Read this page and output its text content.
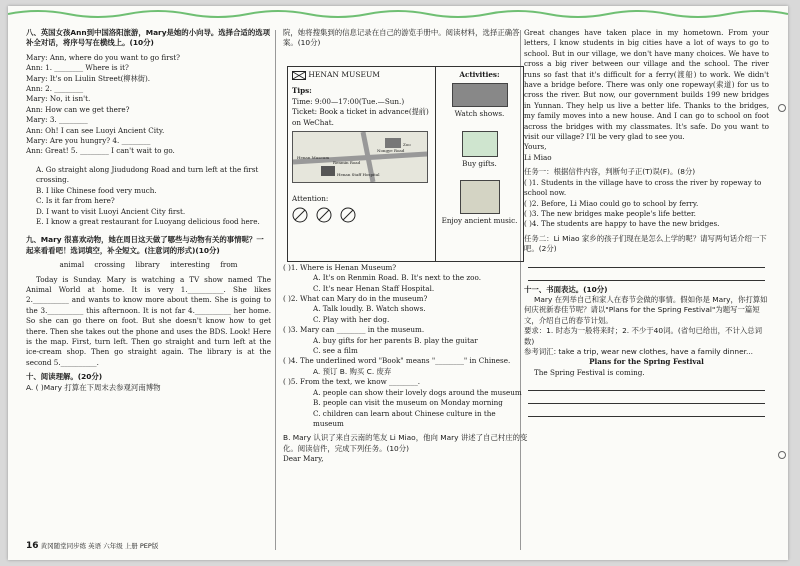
八、英国女孩Ann到中国洛阳旅游，Mary是她的小向导。选择合适的选项补全对话，将序号写在横线上。(10分)

Mary: Ann, where do you want to go first?

Ann: 1. ________ Where is it?

Mary: It's on Liulin Street(柳林街).

Ann: 2. ________

Mary: No, it isn't.

Ann: How can we get there?

Mary: 3. ________

Ann: Oh! I can see Luoyi Ancient City.

Mary: Are you hungry? 4. ________

Ann: Great! 5. ________ I can't wait to go.

A. Go straight along Jiududong Road and turn left at the first crossing.

B. I like Chinese food very much.

C. Is it far from here?

D. I want to visit Luoyi Ancient City first.

E. I know a great restaurant for Luoyang delicious food here.

九、Mary 很喜欢动物，她在周日这天做了哪些与动物有关的事情呢？一起来看看吧！选词填空，补全短文。(注意词的形式)(10分)

animal crossing library interesting from

Today is Sunday. Mary is watching a TV show named The Animal World at home. It is very 1.__________. She likes 2.__________ and wants to know more about them. She is going to the 3.__________ this afternoon. It is not far 4.__________ her home. So she can go there on foot. But she doesn't know how to get there. Then she takes out the phone and uses the BDS. Look! Here is the map. First, turn left. Then go straight and turn left at the ice-cream shop. Then go straight again. The library is at the second 5.__________.

十、阅读理解。(20分)

A. ( )Mary 打算在下周末去参观河南博物

16 黄冈随堂同步练 英语 六年级 上册 PEP版

院，她将搜集到的信息记录在自己的游览手册中。阅读材料，选择正确答案。(10分)

HENAN MUSEUM

Tips:

Time: 9:00—17:00(Tue.—Sun.)

Ticket: Book a ticket in advance(提前) on WeChat.

Henan Museum
Nongye Road
Renmin Road
Zoo
Henan Staff Hospital

Attention:

Activities:

Watch shows.

Buy gifts.

Enjoy ancient music.

( )1. Where is Henan Museum?

A. It's on Renmin Road. B. It's next to the zoo.

C. It's near Henan Staff Hospital.

( )2. What can Mary do in the museum?

A. Talk loudly. B. Watch shows.

C. Play with her dog.

( )3. Mary can ________ in the museum.

A. buy gifts for her parents B. play the guitar

C. see a film

( )4. The underlined word "Book" means "________" in Chinese.

A. 预订 B. 购买 C. 废弃

( )5. From the text, we know ________.

A. people can show their lovely dogs around the museum

B. people can visit the museum on Monday morning

C. children can learn about Chinese culture in the museum

B. Mary 认识了来自云南的笔友 Li Miao，他向 Mary 讲述了自己村庄的变化。阅读信件，完成下列任务。(10分)

Dear Mary,

Great changes have taken place in my hometown. From your letters, I know students in big cities have a lot of ways to go to school. But in our village, we don't have many choices. We have to cross a big river between our village and the school. The river runs so fast that it's difficult for a ferry(渡船) to work. We didn't have a bridge before. There was only one ropeway(索道) for us to cross the river. But now, our government builds 199 new bridges in Yunnan. They help us live a better life. Thanks to the bridges, my family moves into a new house. And I can go to school on foot across the bridges with my classmates. It's safe. Do you want to visit our village? I'll be very glad to see you.

Yours,

Li Miao

任务一：根据信件内容，判断句子正(T)误(F)。(8分)

( )1. Students in the village have to cross the river by ropeway to school now.

( )2. Before, Li Miao could go to school by ferry.

( )3. The new bridges make people's life better.

( )4. The students are happy to have the new bridges.

任务二：Li Miao 家乡的孩子们现在是怎么上学的呢？请写两句话介绍一下吧。(2分)

十一、书面表达。(10分)

Mary 在列举自己和家人在春节会做的事情。假如你是 Mary，你打算如何庆祝新春佳节呢？请以"Plans for the Spring Festival"为题写一篇短文，介绍自己的春节计划。

要求：1. 时态为一般将来时；2. 不少于40词。(省句已给出，不计入总词数)

参考词汇: take a trip, wear new clothes, have a family dinner...

Plans for the Spring Festival

The Spring Festival is coming.
